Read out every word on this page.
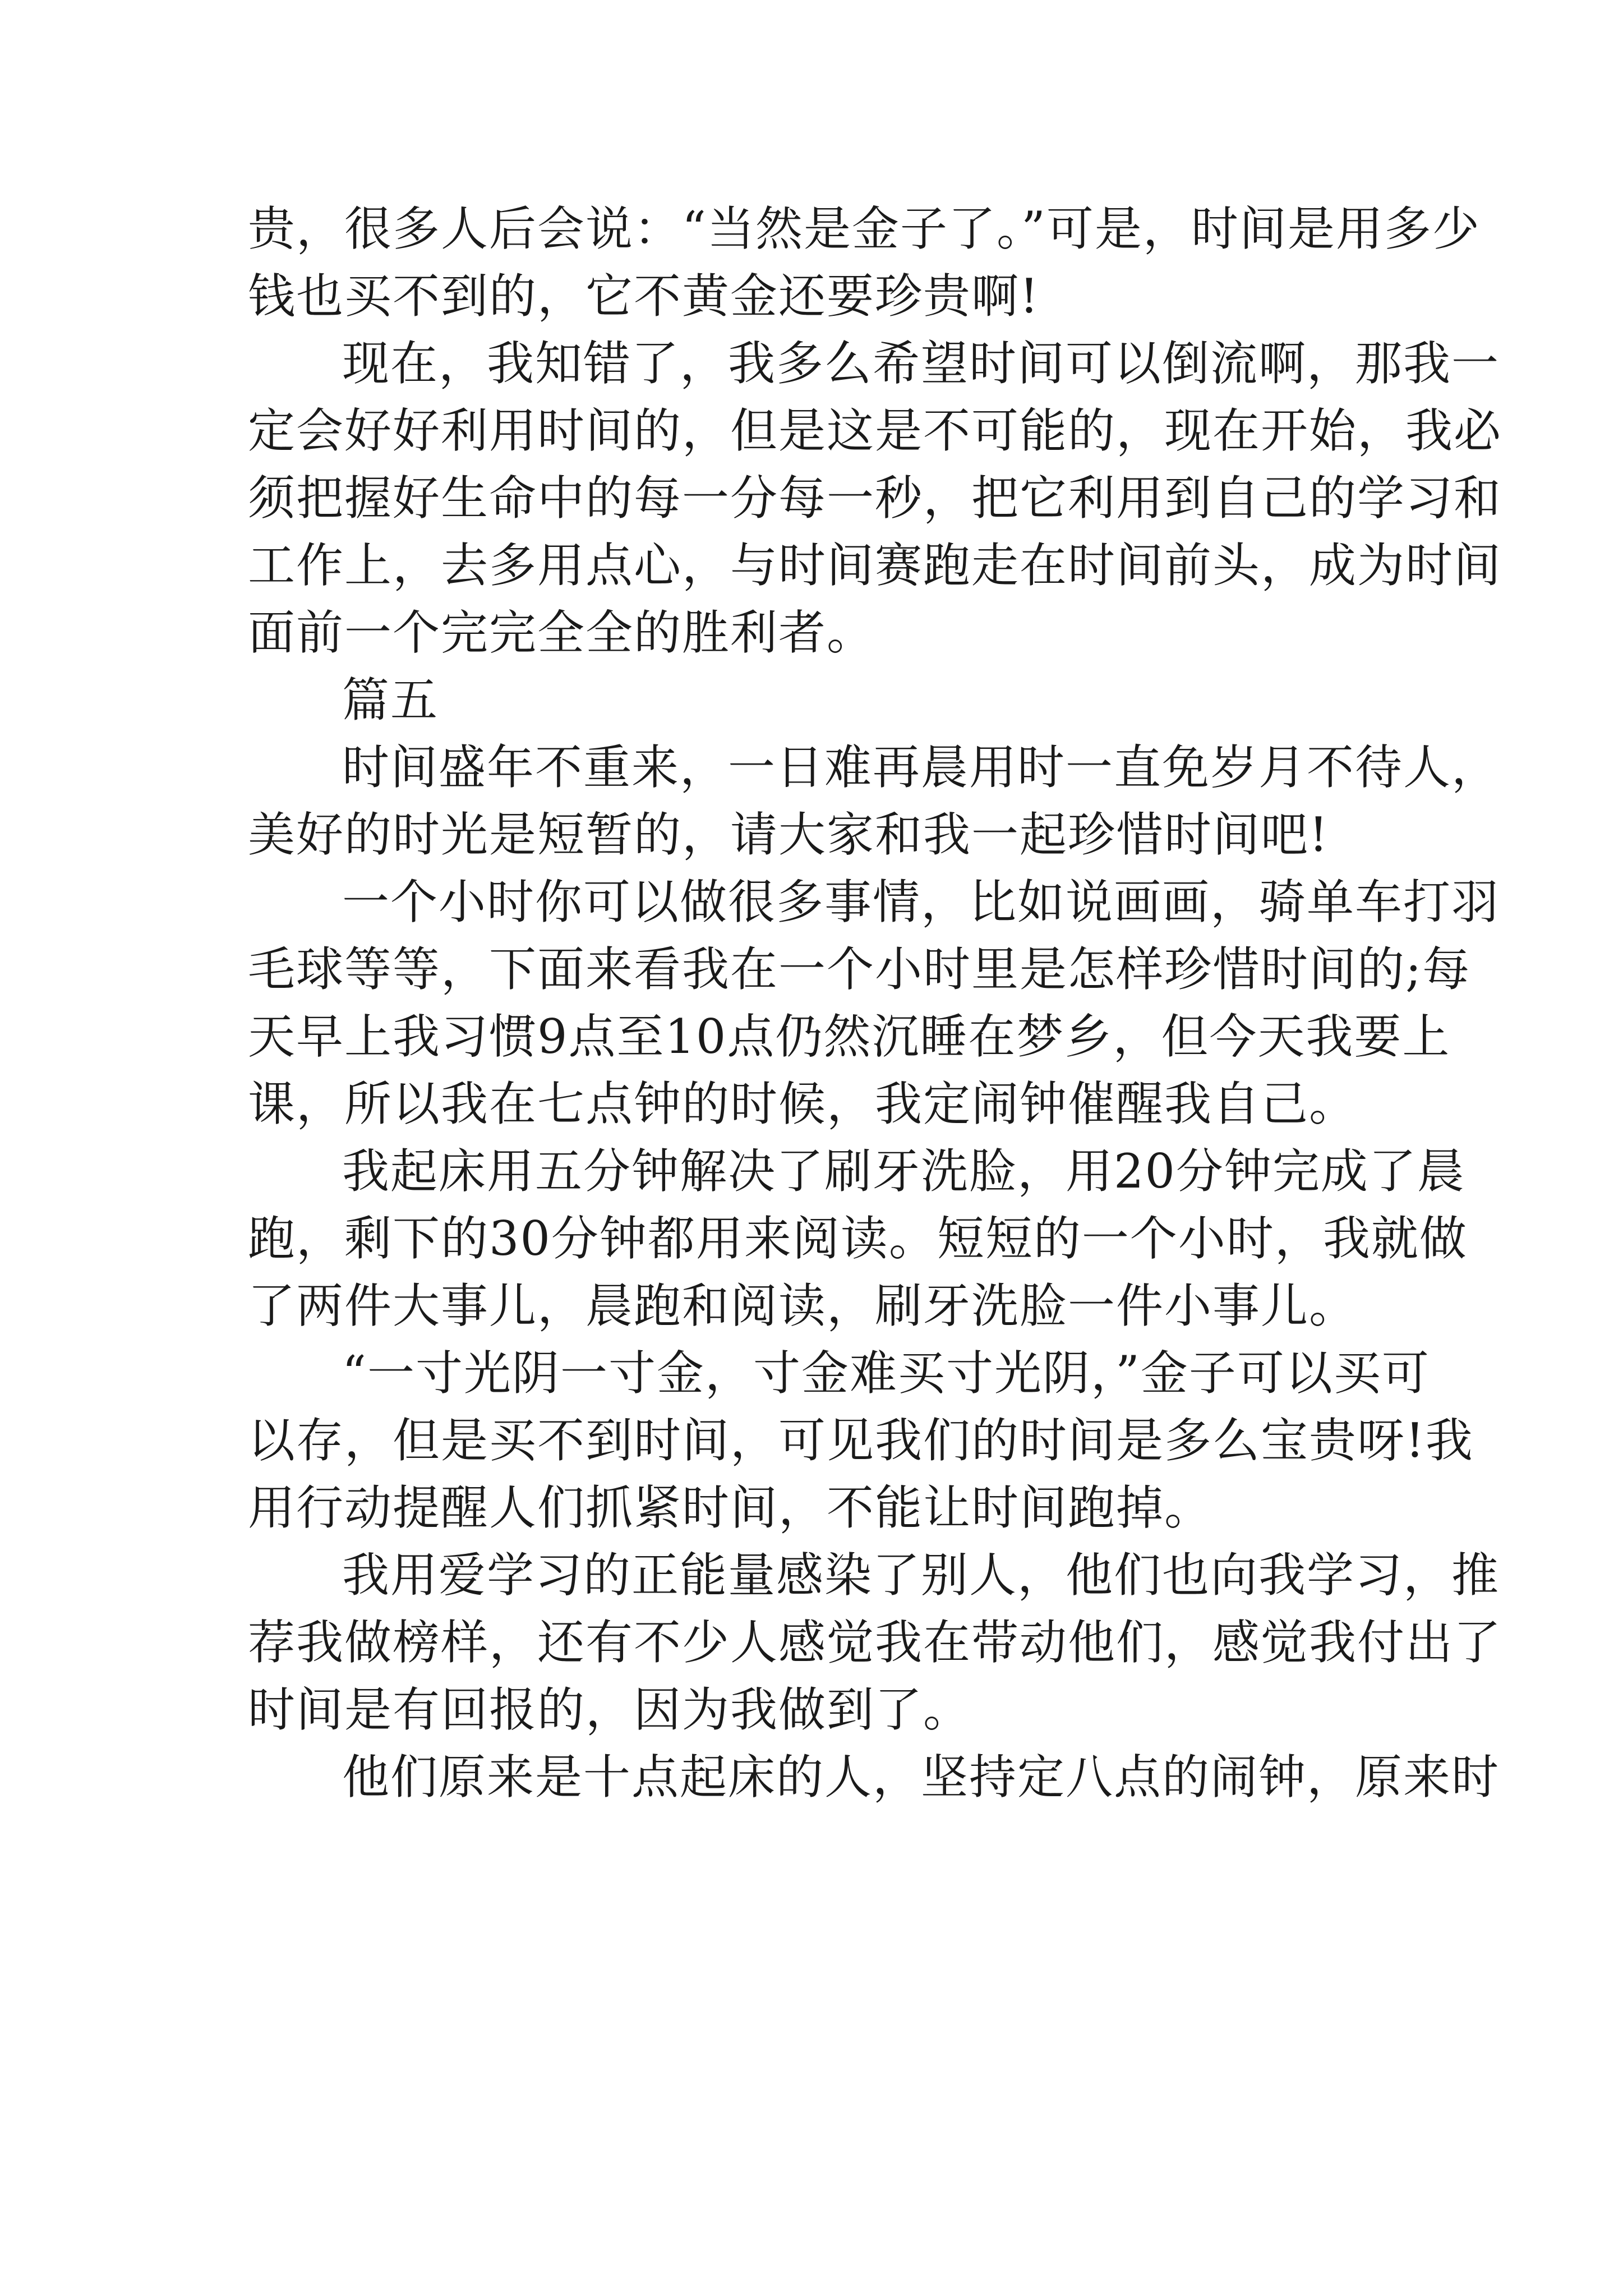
贵，很多人后会说：“当然是金子了。”可是，时间是用多少
钱也买不到的，它不黄金还要珍贵啊!
现在，我知错了，我多么希望时间可以倒流啊，那我一
定会好好利用时间的，但是这是不可能的，现在开始，我必
须把握好生命中的每一分每一秒，把它利用到自己的学习和
工作上，去多用点心，与时间赛跑走在时间前头，成为时间
面前一个完完全全的胜利者。
篇五
时间盛年不重来，一日难再晨用时一直免岁月不待人，
美好的时光是短暂的，请大家和我一起珍惜时间吧!
一个小时你可以做很多事情，比如说画画，骑单车打羽
毛球等等，下面来看我在一个小时里是怎样珍惜时间的;每
天早上我习惯9点至10点仍然沉睡在梦乡，但今天我要上
课，所以我在七点钟的时候，我定闹钟催醒我自己。
我起床用五分钟解决了刷牙洗脸，用20分钟完成了晨
跑，剩下的30分钟都用来阅读。短短的一个小时，我就做
了两件大事儿，晨跑和阅读，刷牙洗脸一件小事儿。
“一寸光阴一寸金，寸金难买寸光阴，”金子可以买可
以存，但是买不到时间，可见我们的时间是多么宝贵呀!我
用行动提醒人们抓紧时间，不能让时间跑掉。
我用爱学习的正能量感染了别人，他们也向我学习，推
荐我做榜样，还有不少人感觉我在带动他们，感觉我付出了
时间是有回报的，因为我做到了。
他们原来是十点起床的人，坚持定八点的闹钟，原来时
